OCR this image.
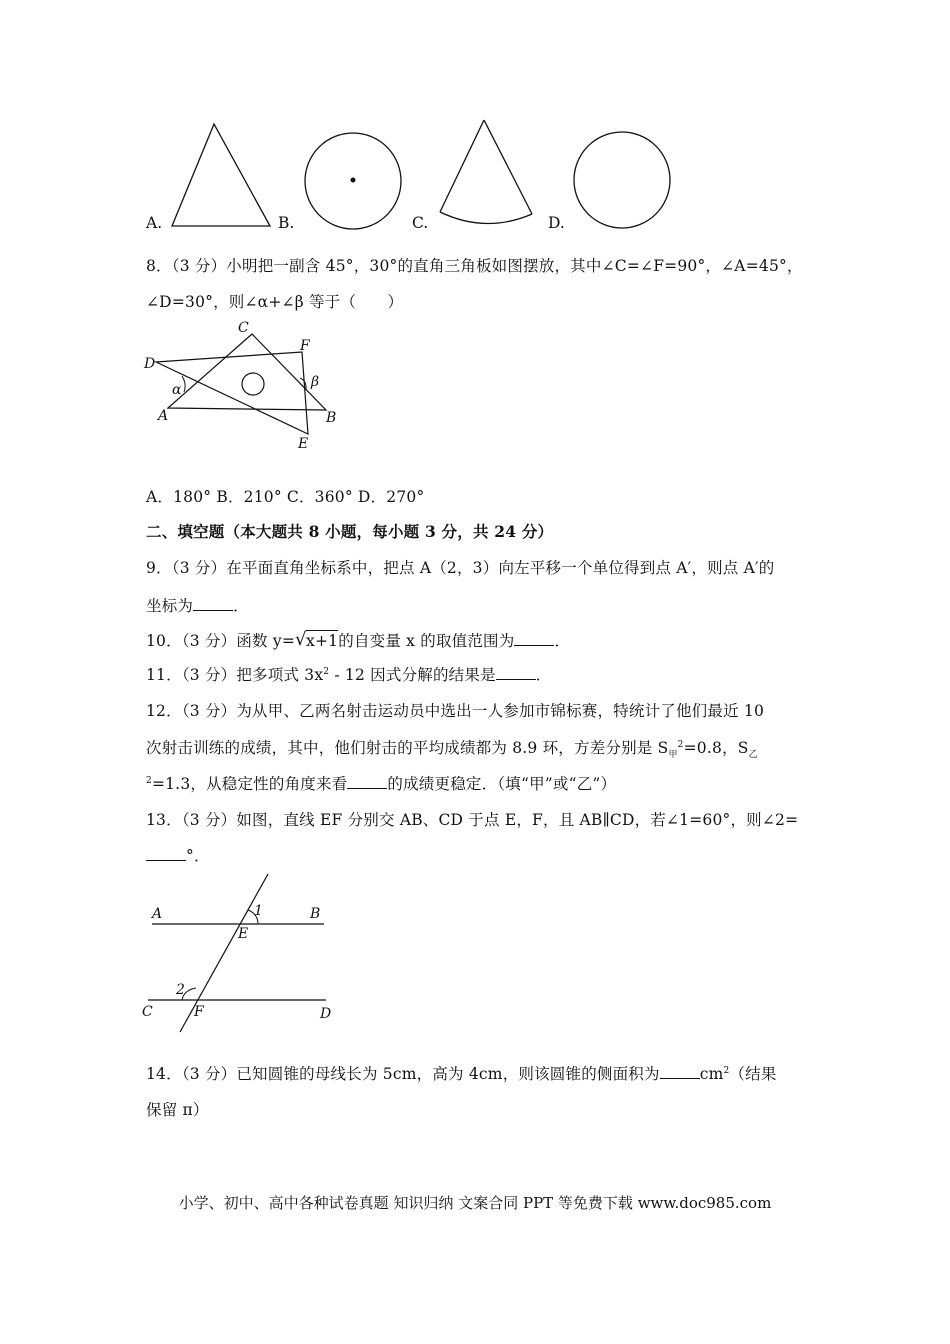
A.	B.	C.	D.
8．（3 分）小明把一副含 45°，30°的直角三角板如图摆放，其中∠C=∠F=90°，∠A=45°，
∠D=30°，则∠α+∠β 等于（　　）
C
F
D
α	β
A	B
E
A．180° B．210° C．360° D．270°
二、填空题（本大题共 8 小题，每小题 3 分，共 24 分）
9．（3 分）在平面直角坐标系中，把点 A（2，3）向左平移一个单位得到点 A′，则点 A′的
坐标为	．
10．（3 分）函数 y= √ x+1的自变量 x 的取值范围为	．
11．（3 分）把多项式 $3x^2 - 12$ 因式分解的结果是	．
12．（3 分）为从甲、乙两名射击运动员中选出一人参加市锦标赛，特统计了他们最近 10
次射击训练的成绩，其中，他们射击的平均成绩都为 8.9 环，方差分别是 $S_甲^2=0.8$，$S_乙$
$^2$=1.3，从稳定性的角度来看	的成绩更稳定．（填“甲”或“乙”）
13．（3 分）如图，直线 EF 分别交 AB、CD 于点 E，F，且 AB∥CD，若∠1=60°，则∠2=
°．
A	1	B
E
2
C	F	D
14．（3 分）已知圆锥的母线长为 5cm，高为 4cm，则该圆锥的侧面积为	$cm^2$（结果
保留 π）
小学、初中、高中各种试卷真题 知识归纳 文案合同 PPT 等免费下载 www.doc985.com
